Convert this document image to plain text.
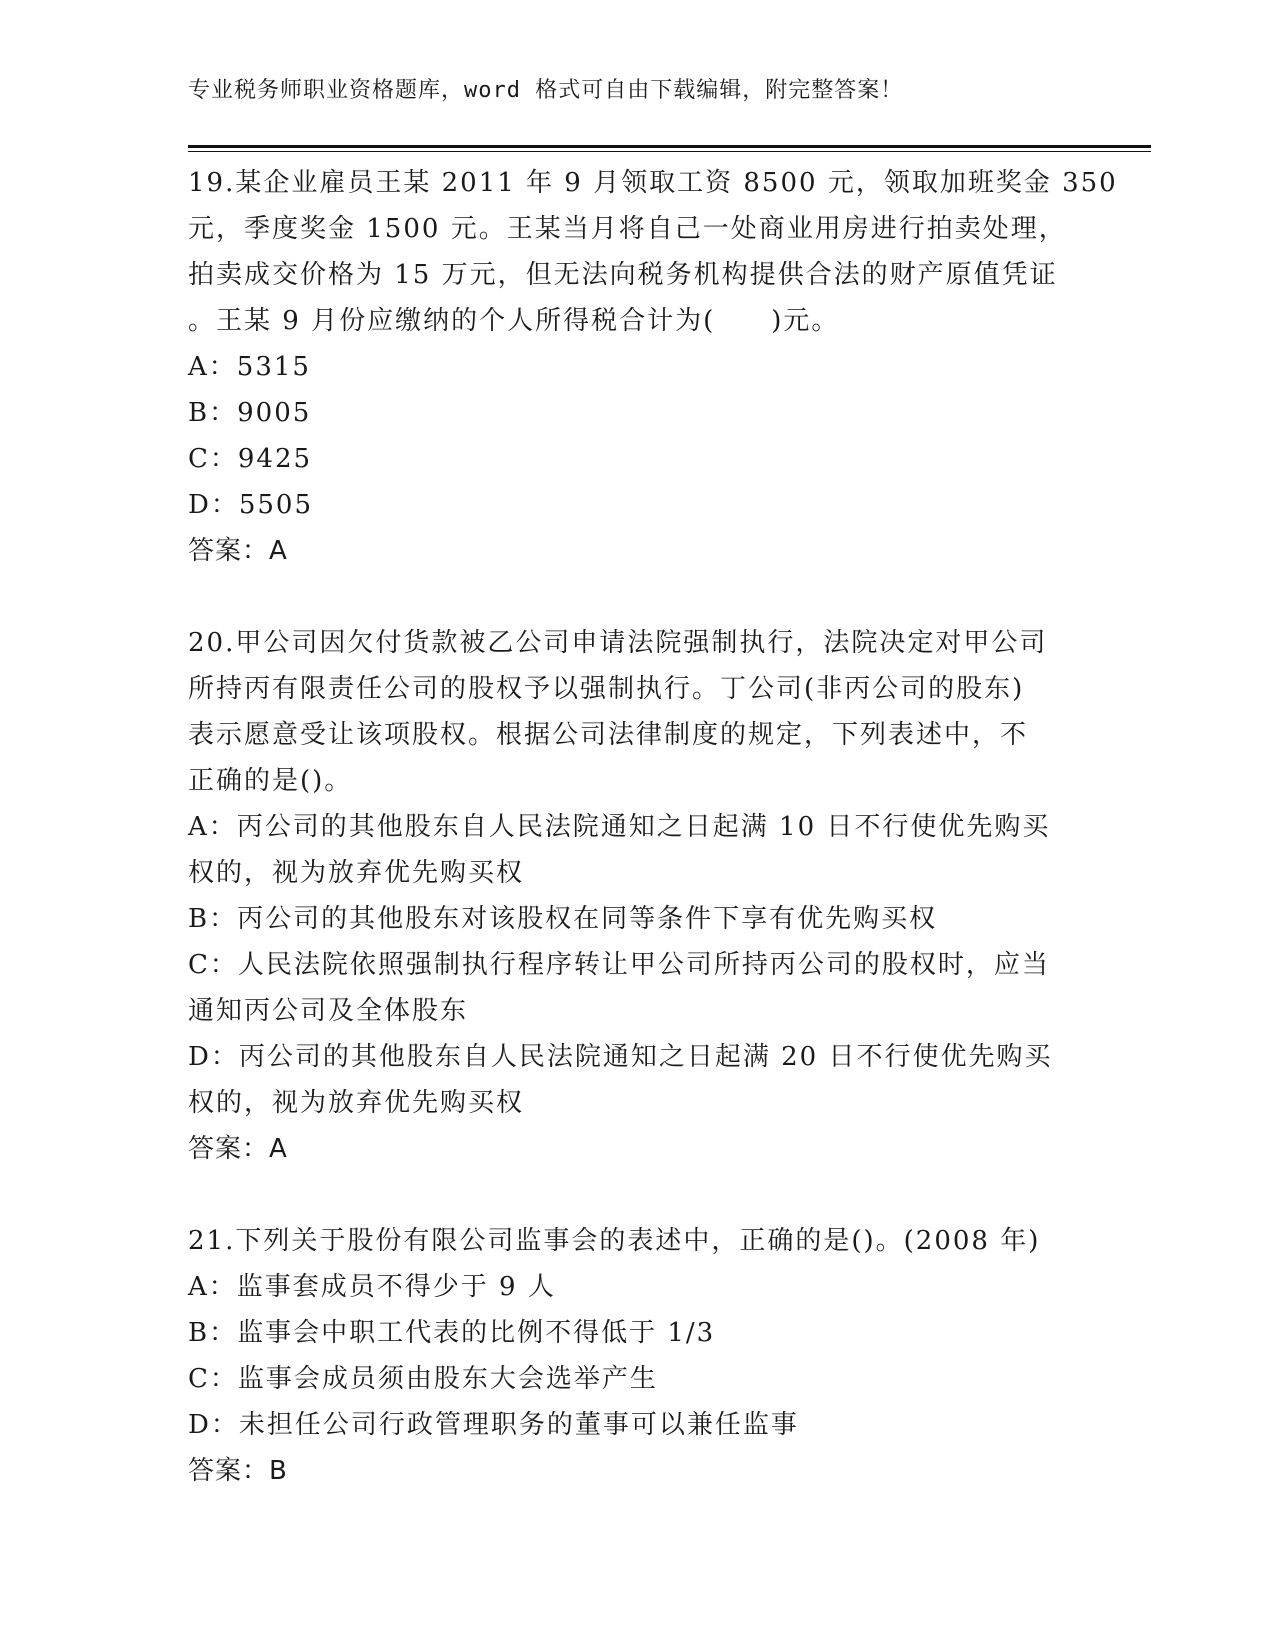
专业税务师职业资格题库，word 格式可自由下载编辑，附完整答案！
19.某企业雇员王某 2011 年 9 月领取工资 8500 元，领取加班奖金 350
元，季度奖金 1500 元。王某当月将自己一处商业用房进行拍卖处理，
拍卖成交价格为 15 万元，但无法向税务机构提供合法的财产原值凭证
。王某 9 月份应缴纳的个人所得税合计为(　　)元。
A：5315
B：9005
C：9425
D：5505
答案：A
20.甲公司因欠付货款被乙公司申请法院强制执行，法院决定对甲公司
所持丙有限责任公司的股权予以强制执行。丁公司(非丙公司的股东)
表示愿意受让该项股权。根据公司法律制度的规定，下列表述中，不
正确的是()。
A：丙公司的其他股东自人民法院通知之日起满 10 日不行使优先购买
权的，视为放弃优先购买权
B：丙公司的其他股东对该股权在同等条件下享有优先购买权
C：人民法院依照强制执行程序转让甲公司所持丙公司的股权时，应当
通知丙公司及全体股东
D：丙公司的其他股东自人民法院通知之日起满 20 日不行使优先购买
权的，视为放弃优先购买权
答案：A
21.下列关于股份有限公司监事会的表述中，正确的是()。(2008 年)
A：监事套成员不得少于 9 人
B：监事会中职工代表的比例不得低于 1/3
C：监事会成员须由股东大会选举产生
D：未担任公司行政管理职务的董事可以兼任监事
答案：B
